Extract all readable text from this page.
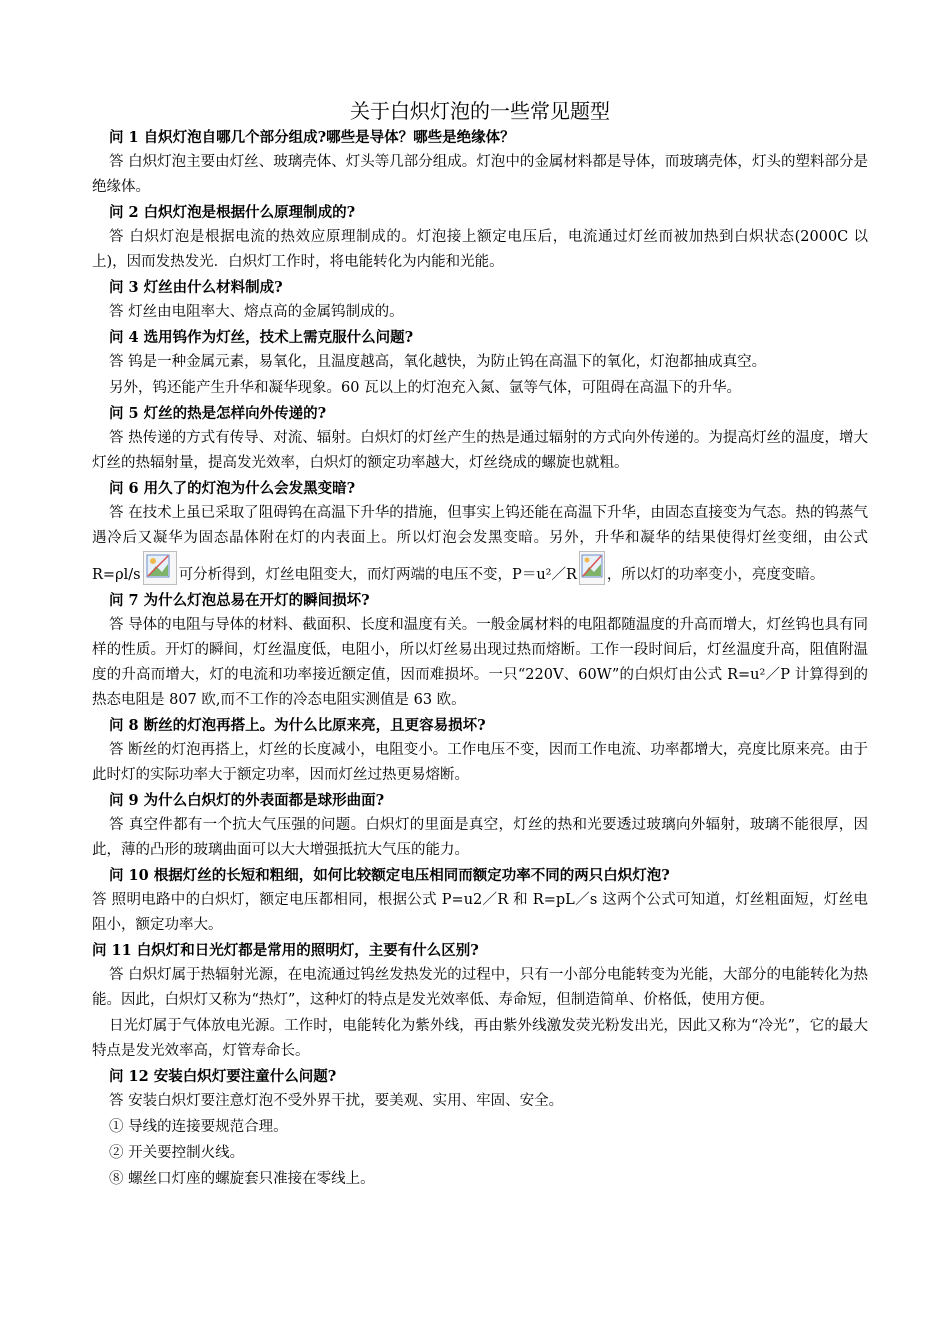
关于白炽灯泡的一些常见题型

问 1 自炽灯泡自哪几个部分组成?哪些是导体？哪些是绝缘体？

答 白炽灯泡主要由灯丝、玻璃壳体、灯头等几部分组成。灯泡中的金属材料都是导体，而玻璃壳体，灯头的塑料部分是绝缘体。

问 2 白炽灯泡是根据什么原理制成的?

答 白炽灯泡是根据电流的热效应原理制成的。灯泡接上额定电压后，电流通过灯丝而被加热到白炽状态(2000C 以上)，因而发热发光．白炽灯工作时，将电能转化为内能和光能。

问 3 灯丝由什么材料制成?

答 灯丝由电阻率大、熔点高的金属钨制成的。

问 4 选用钨作为灯丝，技术上需克服什么问题?

答 钨是一种金属元素，易氧化，且温度越高，氧化越快，为防止钨在高温下的氧化，灯泡都抽成真空。

另外，钨还能产生升华和凝华现象。60 瓦以上的灯泡充入氮、氩等气体，可阻碍在高温下的升华。

问 5 灯丝的热是怎样向外传递的?

答 热传递的方式有传导、对流、辐射。白炽灯的灯丝产生的热是通过辐射的方式向外传递的。为提高灯丝的温度，增大灯丝的热辐射量，提高发光效率，白炽灯的额定功率越大，灯丝绕成的螺旋也就粗。

问 6 用久了的灯泡为什么会发黑变暗?

答 在技术上虽已采取了阻碍钨在高温下升华的措施，但事实上钨还能在高温下升华，由固态直接变为气态。热的钨蒸气遇冷后又凝华为固态晶体附在灯的内表面上。所以灯泡会发黑变暗。另外，升华和凝华的结果使得灯丝变细，由公式 R=ρl/s	可分析得到，灯丝电阻变大，而灯两端的电压不变，P＝u²／R ，所以灯的功率变小，亮度变暗。

问 7 为什么灯泡总易在开灯的瞬间损坏?

答 导体的电阻与导体的材料、截面积、长度和温度有关。一般金属材料的电阻都随温度的升高而增大，灯丝钨也具有同样的性质。开灯的瞬间，灯丝温度低，电阻小，所以灯丝易出现过热而熔断。工作一段时间后，灯丝温度升高，阻值附温度的升高而增大，灯的电流和功率接近额定值，因而难损坏。一只“220V、60W”的白炽灯由公式 R=u²／P 计算得到的热态电阻是 807 欧,而不工作的冷态电阻实测值是 63 欧。

问 8 断丝的灯泡再搭上。为什么比原来亮，且更容易损坏?

答 断丝的灯泡再搭上，灯丝的长度减小，电阻变小。工作电压不变，因而工作电流、功率都增大，亮度比原来亮。由于此时灯的实际功率大于额定功率，因而灯丝过热更易熔断。

问 9 为什么白炽灯的外表面都是球形曲面?

答 真空件都有一个抗大气压强的问题。白炽灯的里面是真空，灯丝的热和光要透过玻璃向外辐射，玻璃不能很厚，因此，薄的凸形的玻璃曲面可以大大增强抵抗大气压的能力。

问 10 根据灯丝的长短和粗细，如何比较额定电压相同而额定功率不同的两只白炽灯泡?

答 照明电路中的白炽灯，额定电压都相同，根据公式 P=u2／R 和 R=pL／s 这两个公式可知道，灯丝粗面短，灯丝电阻小，额定功率大。

问 11 白炽灯和日光灯都是常用的照明灯，主要有什么区别?

答 白炽灯属于热辐射光源，在电流通过钨丝发热发光的过程中，只有一小部分电能转变为光能，大部分的电能转化为热能。因此，白炽灯又称为“热灯”，这种灯的特点是发光效率低、寿命短，但制造简单、价格低，使用方便。

日光灯属于气体放电光源。工作时，电能转化为紫外线，再由紫外线激发荧光粉发出光，因此又称为“冷光”，它的最大特点是发光效率高，灯管寿命长。

问 12 安装白炽灯要注童什么问题?

答 安装白炽灯要注意灯泡不受外界干扰，要美观、实用、牢固、安全。

① 导线的连接要规范合理。

② 开关要控制火线。

⑧ 螺丝口灯座的螺旋套只准接在零线上。
